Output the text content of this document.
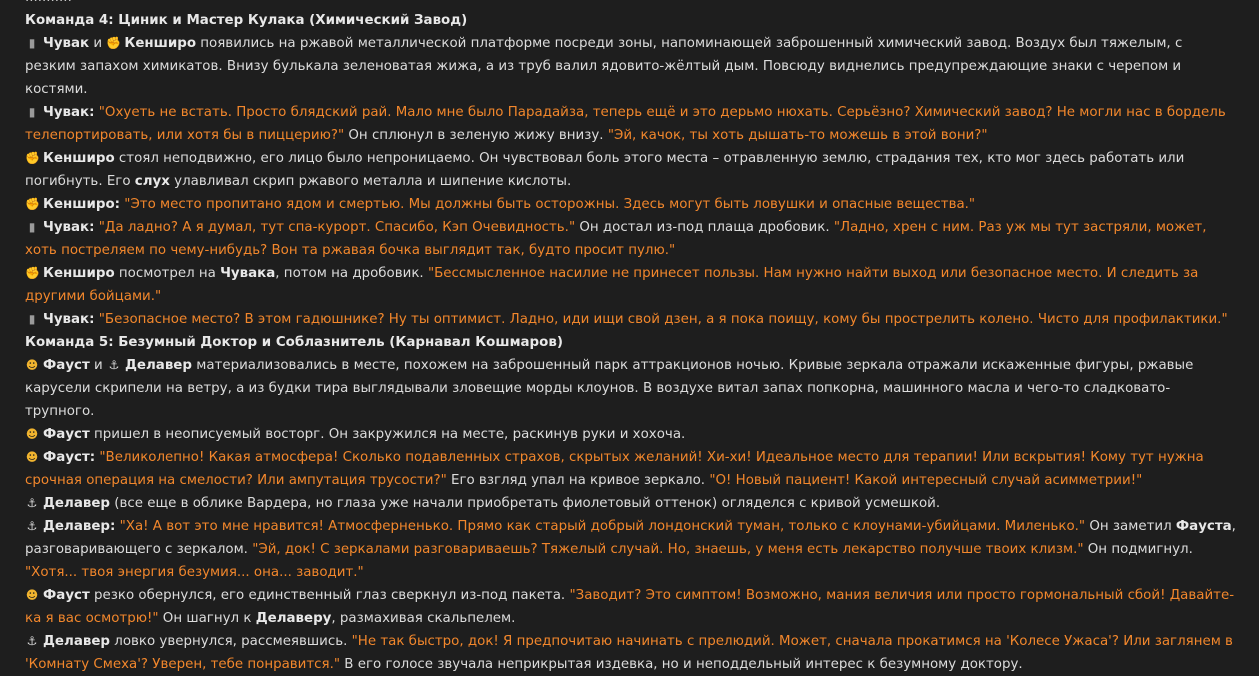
Команда 4: Циник и Мастер Кулака (Химический Завод)
▮ Чувак и ✊ Кенширо появились на ржавой металлической платформе посреди зоны, напоминающей заброшенный химический завод. Воздух был тяжелым, с резким запахом химикатов. Внизу булькала зеленоватая жижа, а из труб валил ядовито-жёлтый дым. Повсюду виднелись предупреждающие знаки с черепом и костями.
▮ Чувак: "Охуеть не встать. Просто блядский рай. Мало мне было Парадайза, теперь ещё и это дерьмо нюхать. Серьёзно? Химический завод? Не могли нас в бордель телепортировать, или хотя бы в пиццерию?" Он сплюнул в зеленую жижу внизу. "Эй, качок, ты хоть дышать-то можешь в этой вони?"
✊ Кенширо стоял неподвижно, его лицо было непроницаемо. Он чувствовал боль этого места – отравленную землю, страдания тех, кто мог здесь работать или погибнуть. Его слух улавливал скрип ржавого металла и шипение кислоты.
✊ Кенширо: "Это место пропитано ядом и смертью. Мы должны быть осторожны. Здесь могут быть ловушки и опасные вещества."
▮ Чувак: "Да ладно? А я думал, тут спа-курорт. Спасибо, Кэп Очевидность." Он достал из-под плаща дробовик. "Ладно, хрен с ним. Раз уж мы тут застряли, может, хоть постреляем по чему-нибудь? Вон та ржавая бочка выглядит так, будто просит пулю."
✊ Кенширо посмотрел на Чувака, потом на дробовик. "Бессмысленное насилие не принесет пользы. Нам нужно найти выход или безопасное место. И следить за другими бойцами."
▮ Чувак: "Безопасное место? В этом гадюшнике? Ну ты оптимист. Ладно, иди ищи свой дзен, а я пока поищу, кому бы прострелить колено. Чисто для профилактики."
Команда 5: Безумный Доктор и Соблазнитель (Карнавал Кошмаров)
☻ Фауст и ⚓ Делавер материализовались в месте, похожем на заброшенный парк аттракционов ночью. Кривые зеркала отражали искаженные фигуры, ржавые карусели скрипели на ветру, а из будки тира выглядывали зловещие морды клоунов. В воздухе витал запах попкорна, машинного масла и чего-то сладковато-трупного.
☻ Фауст пришел в неописуемый восторг. Он закружился на месте, раскинув руки и хохоча.
☻ Фауст: "Великолепно! Какая атмосфера! Сколько подавленных страхов, скрытых желаний! Хи-хи! Идеальное место для терапии! Или вскрытия! Кому тут нужна срочная операция на смелости? Или ампутация трусости?" Его взгляд упал на кривое зеркало. "О! Новый пациент! Какой интересный случай асимметрии!"
⚓ Делавер (все еще в облике Вардера, но глаза уже начали приобретать фиолетовый оттенок) огляделся с кривой усмешкой.
⚓ Делавер: "Ха! А вот это мне нравится! Атмосферненько. Прямо как старый добрый лондонский туман, только с клоунами-убийцами. Миленько." Он заметил Фауста, разговаривающего с зеркалом. "Эй, док! С зеркалами разговариваешь? Тяжелый случай. Но, знаешь, у меня есть лекарство получше твоих клизм." Он подмигнул. "Хотя... твоя энергия безумия... она... заводит."
☻ Фауст резко обернулся, его единственный глаз сверкнул из-под пакета. "Заводит? Это симптом! Возможно, мания величия или просто гормональный сбой! Давайте-ка я вас осмотрю!" Он шагнул к Делаверу, размахивая скальпелем.
⚓ Делавер ловко увернулся, рассмеявшись. "Не так быстро, док! Я предпочитаю начинать с прелюдий. Может, сначала прокатимся на 'Колесе Ужаса'? Или заглянем в 'Комнату Смеха'? Уверен, тебе понравится." В его голосе звучала неприкрытая издевка, но и неподдельный интерес к безумному доктору.
